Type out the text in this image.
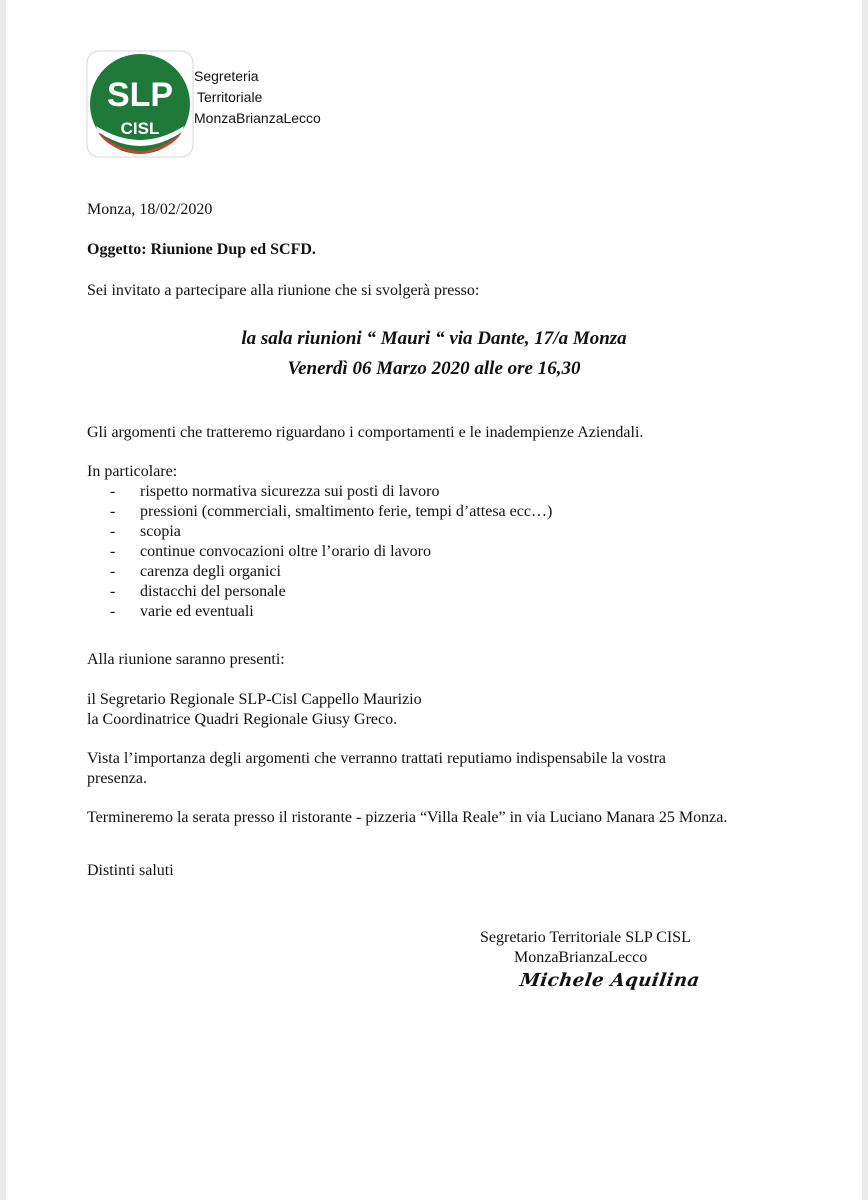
SLP
CISL
Segreteria
Territoriale
MonzaBrianzaLecco
Monza, 18/02/2020
Oggetto: Riunione Dup ed SCFD.
Sei invitato a partecipare alla riunione che si svolgerà presso:
la sala riunioni “ Mauri “ via Dante, 17/a Monza
Venerdì 06 Marzo 2020 alle ore 16,30
Gli argomenti che tratteremo riguardano i comportamenti e le inadempienze Aziendali.
In particolare:
-	rispetto normativa sicurezza sui posti di lavoro
-	pressioni (commerciali, smaltimento ferie, tempi d’attesa ecc…)
-	scopia
-	continue convocazioni oltre l’orario di lavoro
-	carenza degli organici
-	distacchi del personale
-	varie ed eventuali
Alla riunione saranno presenti:
il Segretario Regionale SLP-Cisl Cappello Maurizio
la Coordinatrice Quadri Regionale Giusy Greco.
Vista l’importanza degli argomenti che verranno trattati reputiamo indispensabile la vostra
presenza.
Termineremo la serata presso il ristorante - pizzeria “Villa Reale” in via Luciano Manara 25 Monza.
Distinti saluti
Segretario Territoriale SLP CISL
MonzaBrianzaLecco
Michele Aquilina
